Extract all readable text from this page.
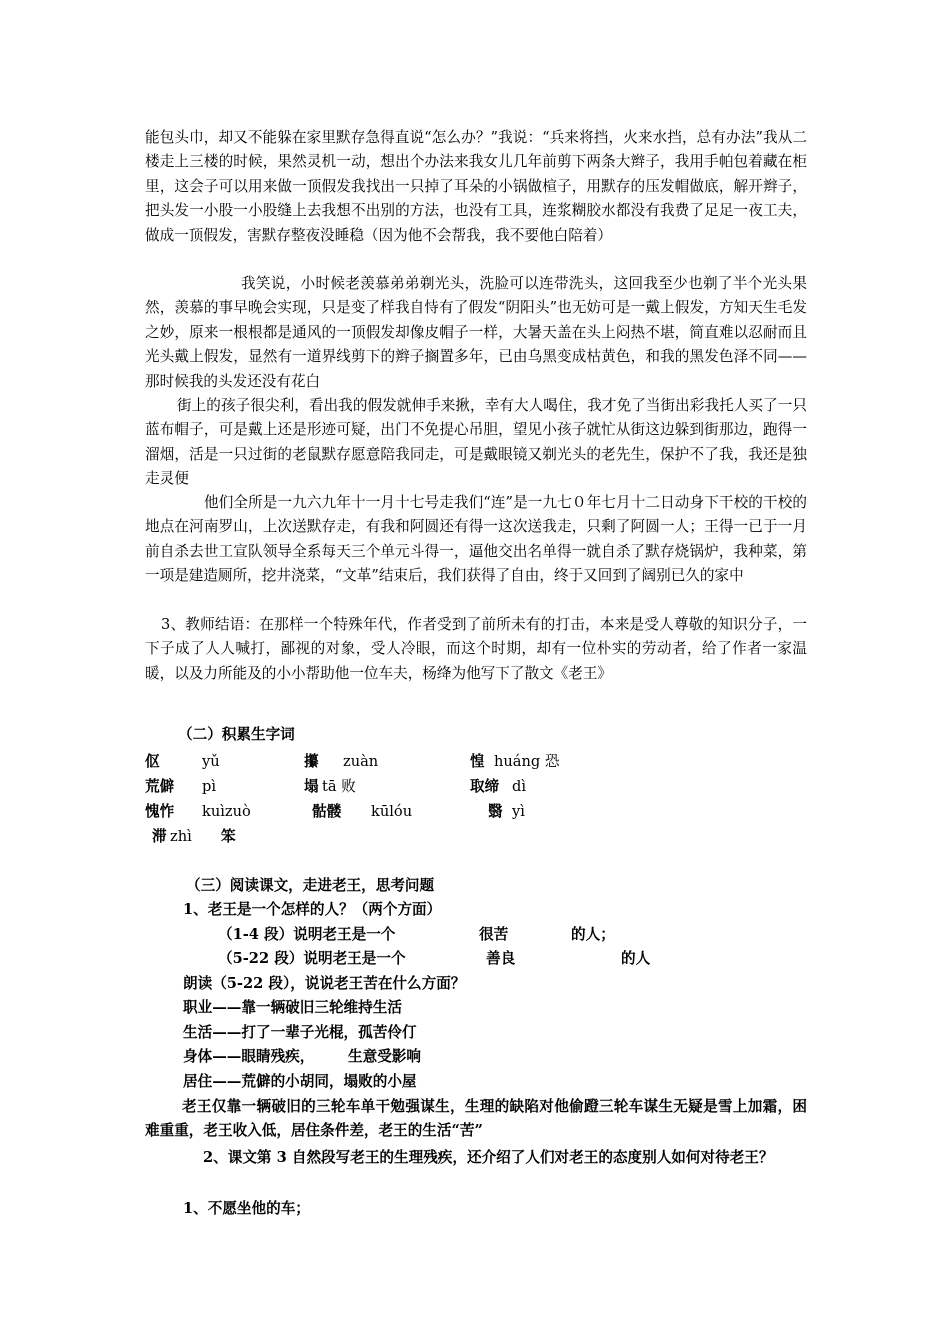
能包头巾，却又不能躲在家里默存急得直说“怎么办？”我说：“兵来将挡，火来水挡，总有办法”我从二楼走上三楼的时候，果然灵机一动，想出个办法来我女儿几年前剪下两条大辫子，我用手帕包着藏在柜里，这会子可以用来做一顶假发我找出一只掉了耳朵的小锅做楦子，用默存的压发帽做底，解开辫子，把头发一小股一小股缝上去我想不出别的方法，也没有工具，连浆糊胶水都没有我费了足足一夜工夫，做成一顶假发，害默存整夜没睡稳（因为他不会帮我，我不要他白陪着）
我笑说，小时候老羡慕弟弟剃光头，洗脸可以连带洗头，这回我至少也剃了半个光头果然，羡慕的事早晚会实现，只是变了样我自恃有了假发“阴阳头”也无妨可是一戴上假发，方知天生毛发之妙，原来一根根都是通风的一顶假发却像皮帽子一样，大暑天盖在头上闷热不堪，简直难以忍耐而且光头戴上假发，显然有一道界线剪下的辫子搁置多年，已由乌黑变成枯黄色，和我的黑发色泽不同——那时候我的头发还没有花白
街上的孩子很尖利，看出我的假发就伸手来揪，幸有大人喝住，我才免了当街出彩我托人买了一只蓝布帽子，可是戴上还是形迹可疑，出门不免提心吊胆，望见小孩子就忙从街这边躲到街那边，跑得一溜烟，活是一只过街的老鼠默存愿意陪我同走，可是戴眼镜又剃光头的老先生，保护不了我，我还是独走灵便
他们全所是一九六九年十一月十七号走我们“连”是一九七０年七月十二日动身下干校的干校的地点在河南罗山，上次送默存走，有我和阿圆还有得一这次送我走，只剩了阿圆一人；王得一已于一月前自杀去世工宣队领导全系每天三个单元斗得一，逼他交出名单得一就自杀了默存烧锅炉，我种菜，第一项是建造厕所，挖井浇菜，“文革”结束后，我们获得了自由，终于又回到了阔别已久的家中
3、教师结语：在那样一个特殊年代，作者受到了前所未有的打击，本来是受人尊敬的知识分子，一下子成了人人喊打，鄙视的对象，受人冷眼，而这个时期，却有一位朴实的劳动者，给了作者一家温暖，以及力所能及的小小帮助他一位车夫，杨绛为他写下了散文《老王》
（二）积累生字词
伛	yǔ	攥 zuàn	惶 huáng 恐
荒僻 pì	塌 tā 败	取缔 dì
愧怍 kuìzuò	骷髅 kūlóu	翳 yì
滞 zhì 笨
（三）阅读课文，走进老王，思考问题
1、老王是一个怎样的人？（两个方面）
（1-4 段）说明老王是一个	很苦	的人；
（5-22 段）说明老王是一个	善良	的人
朗读（5-22 段），说说老王苦在什么方面？
职业——靠一辆破旧三轮维持生活
生活——打了一辈子光棍，孤苦伶仃
身体——眼睛残疾， 生意受影响
居住——荒僻的小胡同，塌败的小屋
老王仅靠一辆破旧的三轮车单干勉强谋生，生理的缺陷对他偷蹬三轮车谋生无疑是雪上加霜，困难重重，老王收入低，居住条件差，老王的生活“苦”
2、课文第 3 自然段写老王的生理残疾，还介绍了人们对老王的态度别人如何对待老王？
1、不愿坐他的车；
